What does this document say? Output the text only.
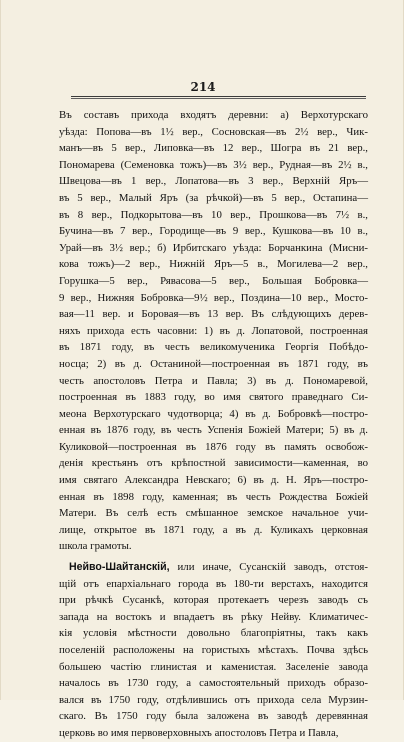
214
Въ составъ прихода входятъ деревни: а) Верхотурскаго
уѣзда: Попова—въ 1½ вер., Сосновская—въ 2½ вер., Чик-
манъ—въ 5 вер., Липовка—въ 12 вер., Шогра въ 21 вер.,
Пономарева (Семеновка тожъ)—въ 3½ вер., Рудная—въ 2½ в.,
Швецова—въ 1 вер., Лопатова—въ 3 вер., Верхній Яръ—
въ 5 вер., Малый Яръ (за рѣчкой)—въ 5 вер., Остапина—
въ 8 вер., Подкорытова—въ 10 вер., Прошкова—въ 7½ в.,
Бучина—въ 7 вер., Городище—въ 9 вер., Кушкова—въ 10 в.,
Урай—въ 3½ вер.; б) Ирбитскаго уѣзда: Борчанкина (Мисни-
кова тожъ)—2 вер., Нижній Яръ—5 в., Могилева—2 вер.,
Горушка—5 вер., Рявасова—5 вер., Большая Бобровка—
9 вер., Нижняя Бобровка—9½ вер., Поздина—10 вер., Мосто-
вая—11 вер. и Боровая—въ 13 вер. Въ слѣдующихъ дерев-
няхъ прихода есть часовни: 1) въ д. Лопатовой, построенная
въ 1871 году, въ честь великомученика Георгія Побѣдо-
носца; 2) въ д. Останиной—построенная въ 1871 году, въ
честь апостоловъ Петра и Павла; 3) въ д. Пономаревой,
построенная въ 1883 году, во имя святого праведнаго Си-
меона Верхотурскаго чудотворца; 4) въ д. Бобровкѣ—постро-
енная въ 1876 году, въ честь Успенія Божіей Матери; 5) въ д.
Куликовой—построенная въ 1876 году въ память освобож-
денія крестьянъ отъ крѣпостной зависимости—каменная, во
имя святаго Александра Невскаго; 6) въ д. Н. Яръ—постро-
енная въ 1898 году, каменная; въ честь Рождества Божіей
Матери. Въ селѣ есть смѣшанное земское начальное учи-
лище, открытое въ 1871 году, а въ д. Куликахъ церковная
школа грамоты.
Нейво-Шайтанскій, или иначе, Сусанскій заводъ, отстоя-
щій отъ епархіальнаго города въ 180-ти верстахъ, находится
при рѣчкѣ Сусанкѣ, которая протекаетъ черезъ заводъ съ
запада на востокъ и впадаетъ въ рѣку Нейву. Климатичес-
кія условія мѣстности довольно благопріятны, такъ какъ
поселеній расположены на гористыхъ мѣстахъ. Почва здѣсь
большею частію глинистая и каменистая. Заселеніе завода
началось въ 1730 году, а самостоятельный приходъ образо-
вался въ 1750 году, отдѣлившись отъ прихода села Мурзин-
скаго. Въ 1750 году была заложена въ заводѣ деревянная
церковь во имя первоверховныхъ апостоловъ Петра и Павла,
